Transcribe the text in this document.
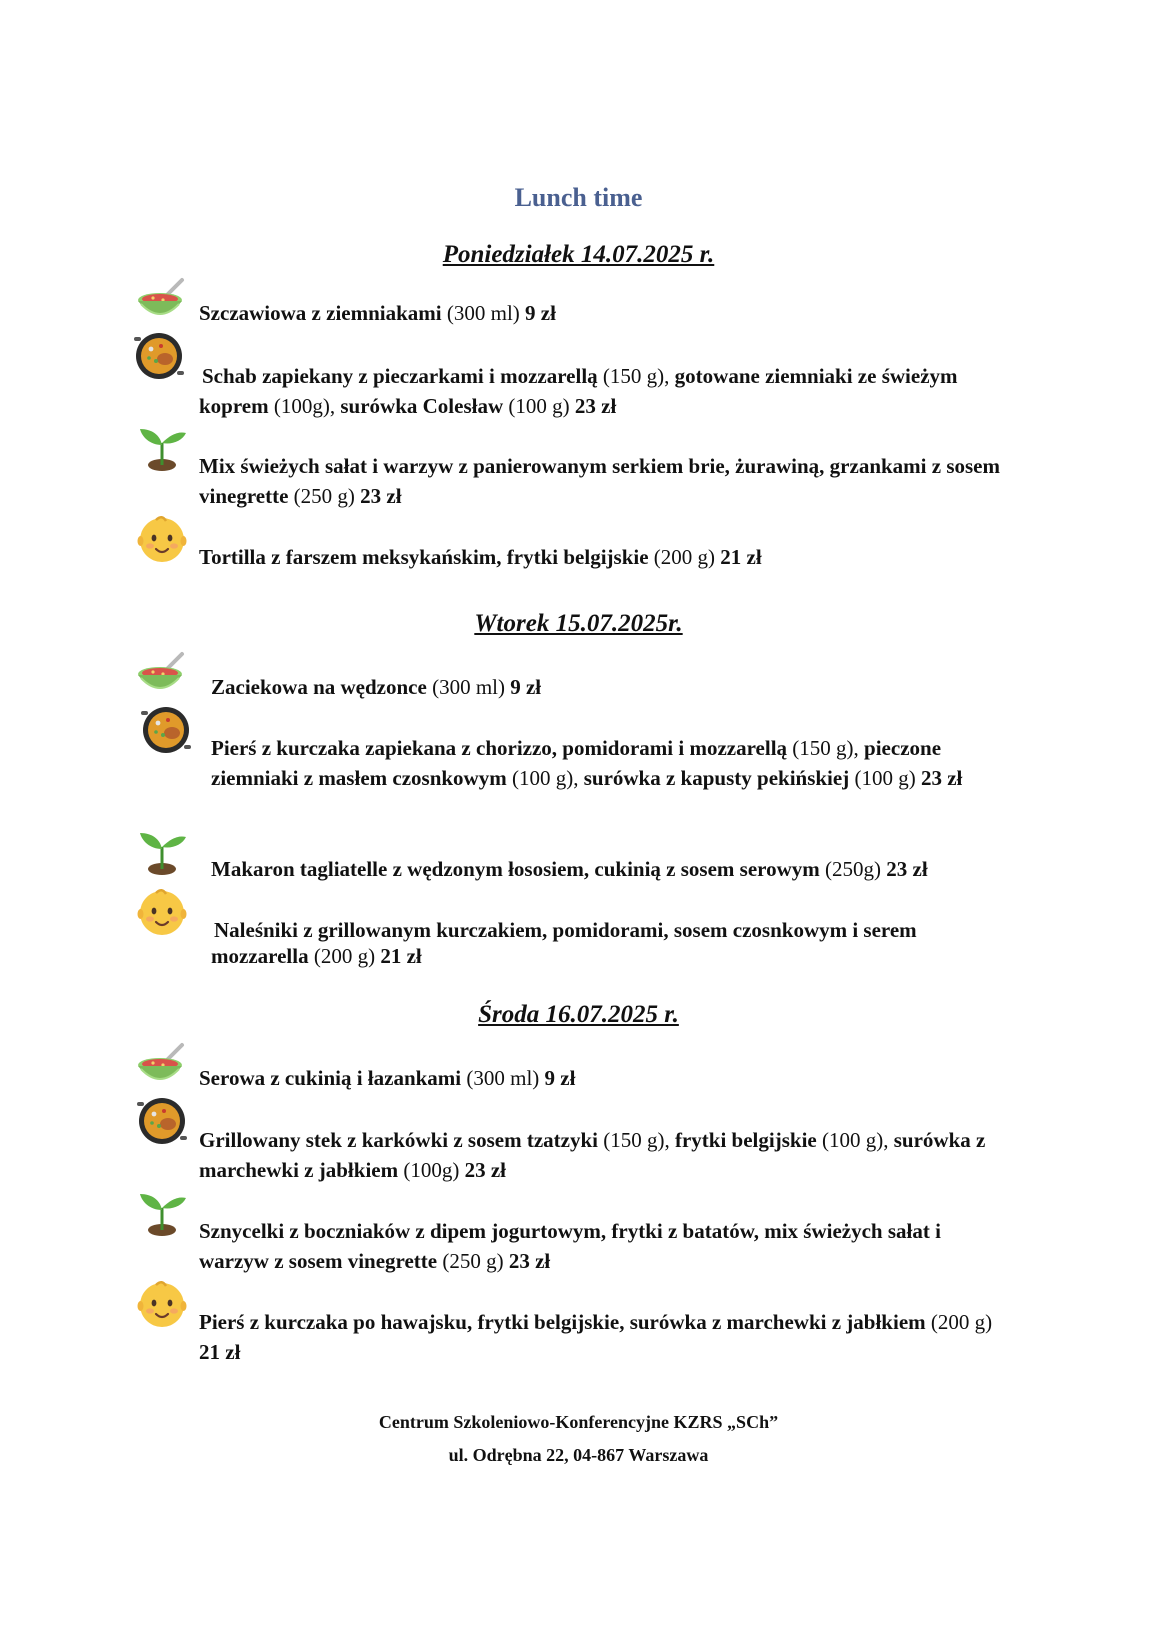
Lunch time
Poniedziałek 14.07.2025 r.
Szczawiowa z ziemniakami (300 ml) 9 zł
Schab zapiekany z pieczarkami i mozzarellą (150 g), gotowane ziemniaki ze świeżym koprem (100g), surówka Colesław (100 g) 23 zł
Mix świeżych sałat i warzyw z panierowanym serkiem brie, żurawiną, grzankami z sosem vinegrette (250 g) 23 zł
Tortilla z farszem meksykańskim, frytki belgijskie (200 g) 21 zł
Wtorek 15.07.2025r.
Zaciekowa na wędzonce (300 ml) 9 zł
Pierś z kurczaka zapiekana z chorizzo, pomidorami i mozzarellą (150 g), pieczone ziemniaki z masłem czosnkowym (100 g), surówka z kapusty pekińskiej (100 g) 23 zł
Makaron tagliatelle z wędzonym łososiem, cukinią z sosem serowym (250g) 23 zł
Naleśniki z grillowanym kurczakiem, pomidorami, sosem czosnkowym i serem mozzarella (200 g) 21 zł
Środa 16.07.2025 r.
Serowa z cukinią i łazankami (300 ml) 9 zł
Grillowany stek z karkówki z sosem tzatzyki (150 g), frytki belgijskie (100 g), surówka z marchewki z jabłkiem (100g) 23 zł
Sznycelki z boczniaków z dipem jogurtowym, frytki z batatów, mix świeżych sałat i warzyw z sosem vinegrette (250 g) 23 zł
Pierś z kurczaka po hawajsku, frytki belgijskie, surówka z marchewki z jabłkiem (200 g) 21 zł
Centrum Szkoleniowo-Konferencyjne KZRS „SCh”
ul. Odrębna 22, 04-867 Warszawa
